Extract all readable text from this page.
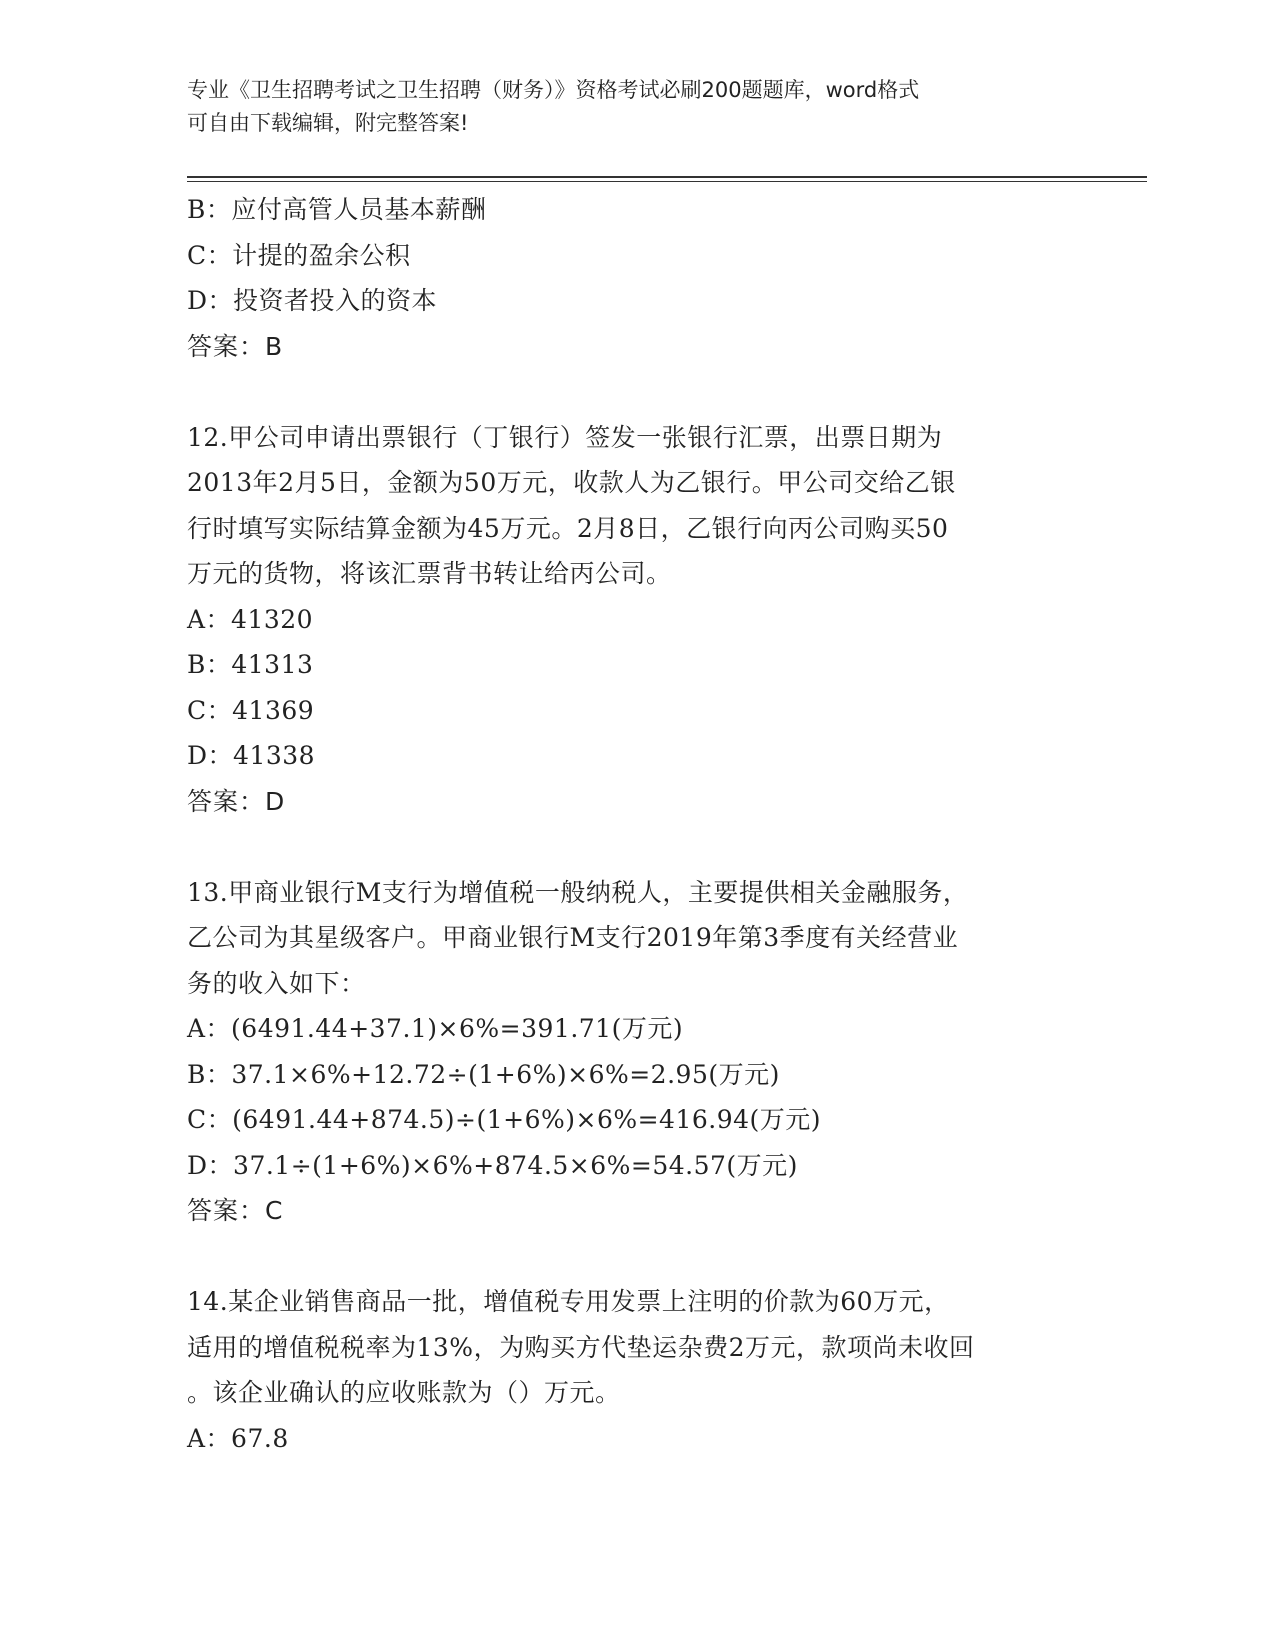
专业《卫生招聘考试之卫生招聘（财务）》资格考试必刷200题题库，word格式
可自由下载编辑，附完整答案!
B：应付高管人员基本薪酬
C：计提的盈余公积
D：投资者投入的资本
答案：B
12.甲公司申请出票银行（丁银行）签发一张银行汇票，出票日期为
2013年2月5日，金额为50万元，收款人为乙银行。甲公司交给乙银
行时填写实际结算金额为45万元。2月8日，乙银行向丙公司购买50
万元的货物，将该汇票背书转让给丙公司。
A：41320
B：41313
C：41369
D：41338
答案：D
13.甲商业银行M支行为增值税一般纳税人，主要提供相关金融服务，
乙公司为其星级客户。甲商业银行M支行2019年第3季度有关经营业
务的收入如下：
A：(6491.44+37.1)×6%=391.71(万元)
B：37.1×6%+12.72÷(1+6%)×6%=2.95(万元)
C：(6491.44+874.5)÷(1+6%)×6%=416.94(万元)
D：37.1÷(1+6%)×6%+874.5×6%=54.57(万元)
答案：C
14.某企业销售商品一批，增值税专用发票上注明的价款为60万元，
适用的增值税税率为13%，为购买方代垫运杂费2万元，款项尚未收回
。该企业确认的应收账款为（）万元。
A：67.8
